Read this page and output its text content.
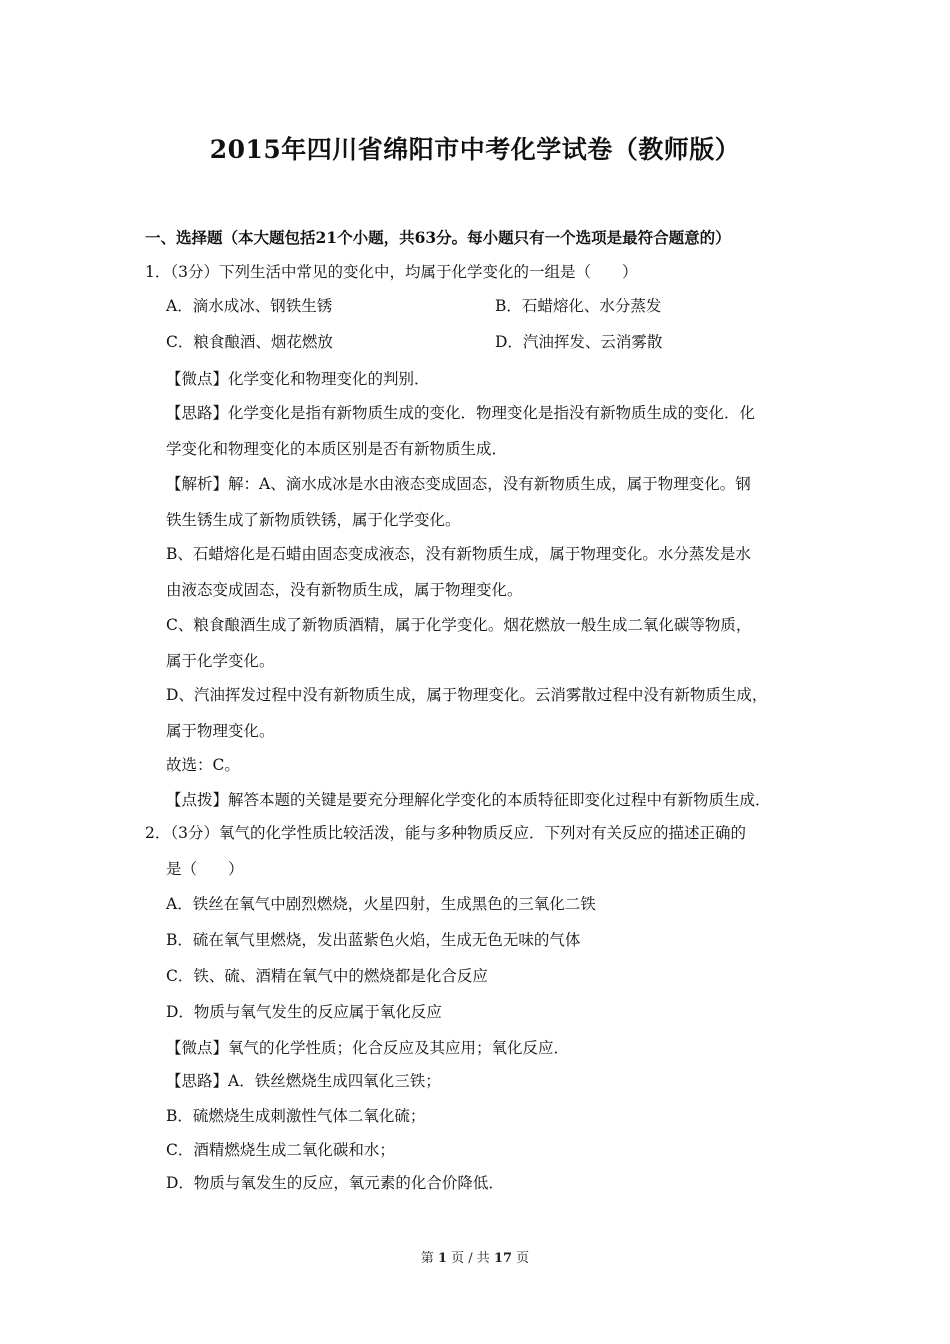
2015年四川省绵阳市中考化学试卷（教师版）
一、选择题（本大题包括21个小题，共63分。每小题只有一个选项是最符合题意的）
1．（3分）下列生活中常见的变化中，均属于化学变化的一组是（　　）
A．滴水成冰、钢铁生锈	B．石蜡熔化、水分蒸发
C．粮食酿酒、烟花燃放	D．汽油挥发、云消雾散
【微点】化学变化和物理变化的判别．
【思路】化学变化是指有新物质生成的变化．物理变化是指没有新物质生成的变化．化
学变化和物理变化的本质区别是否有新物质生成．
【解析】解：A、滴水成冰是水由液态变成固态，没有新物质生成，属于物理变化。钢
铁生锈生成了新物质铁锈，属于化学变化。
B、石蜡熔化是石蜡由固态变成液态，没有新物质生成，属于物理变化。水分蒸发是水
由液态变成固态，没有新物质生成，属于物理变化。
C、粮食酿酒生成了新物质酒精，属于化学变化。烟花燃放一般生成二氧化碳等物质，
属于化学变化。
D、汽油挥发过程中没有新物质生成，属于物理变化。云消雾散过程中没有新物质生成，
属于物理变化。
故选：C。
【点拨】解答本题的关键是要充分理解化学变化的本质特征即变化过程中有新物质生成．
2．（3分）氧气的化学性质比较活泼，能与多种物质反应．下列对有关反应的描述正确的
是（　　）
A．铁丝在氧气中剧烈燃烧，火星四射，生成黑色的三氧化二铁
B．硫在氧气里燃烧，发出蓝紫色火焰，生成无色无味的气体
C．铁、硫、酒精在氧气中的燃烧都是化合反应
D．物质与氧气发生的反应属于氧化反应
【微点】氧气的化学性质；化合反应及其应用；氧化反应．
【思路】A．铁丝燃烧生成四氧化三铁；
B．硫燃烧生成刺激性气体二氧化硫；
C．酒精燃烧生成二氧化碳和水；
D．物质与氧发生的反应，氧元素的化合价降低．
第 1 页 / 共 17 页
